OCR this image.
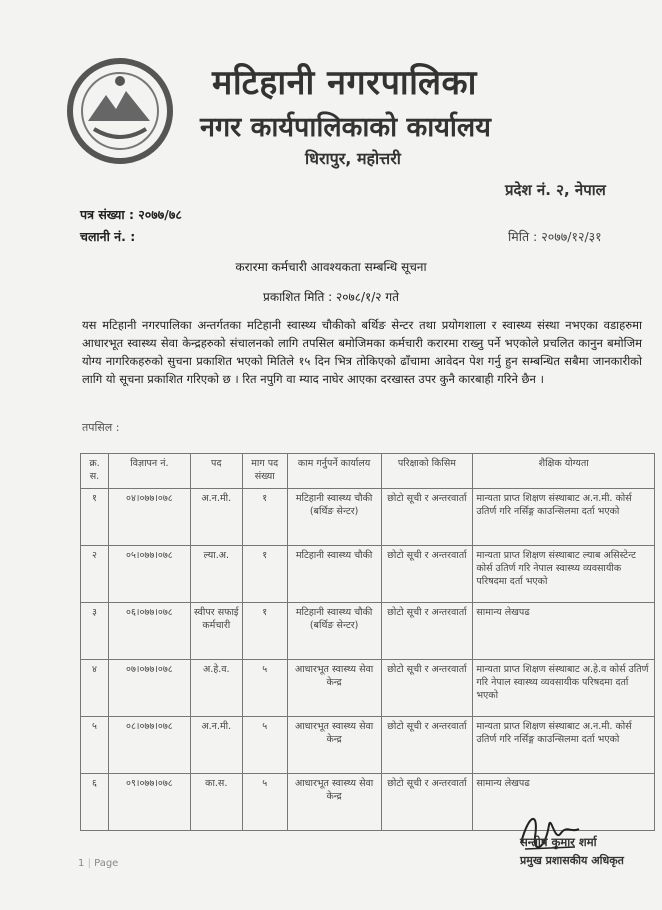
मटिहानी नगरपालिका
नगर कार्यपालिकाको कार्यालय
धिरापुर, महोत्तरी
प्रदेश नं. २, नेपाल
पत्र संख्या : २०७७/७८
चलानी नं. :	मिति : २०७७/१२/३१
करारमा कर्मचारी आवश्यकता सम्बन्धि सूचना
प्रकाशित मिति : २०७८/१/२ गते
यस मटिहानी नगरपालिका अन्तर्गतका मटिहानी स्वास्थ्य चौकीको बर्थिङ सेन्टर तथा प्रयोगशाला र स्वास्थ्य संस्था नभएका वडाहरुमा आधारभूत स्वास्थ्य सेवा केन्द्रहरुको संचालनको लागि तपसिल बमोजिमका कर्मचारी करारमा राख्नु पर्ने भएकोले प्रचलित कानुन बमोजिम योग्य नागरिकहरुको सुचना प्रकाशित भएको मितिले १५ दिन भित्र तोकिएको ढाँचामा आवेदन पेश गर्नु हुन सम्बन्धित सबैमा जानकारीको लागि यो सूचना प्रकाशित गरिएको छ । रित नपुगि वा म्याद नाघेर आएका दरखास्त उपर कुनै कारबाही गरिने छैन ।
तपसिल :
क्र. स.	विज्ञापन नं.	पद	माग पद संख्या	काम गर्नुपर्ने कार्यालय	परिक्षाको किसिम	शैक्षिक योग्यता
१	०४।०७७।०७८	अ.न.मी.	१	मटिहानी स्वास्थ्य चौकी (बर्थिङ सेन्टर)	छोटो सूची र अन्तरवार्ता	मान्यता प्राप्त शिक्षण संस्थाबाट अ.न.मी. कोर्स उतिर्ण गरि नर्सिङ्ग काउन्सिलमा दर्ता भएको
२	०५।०७७।०७८	ल्या.अ.	१	मटिहानी स्वास्थ्य चौकी	छोटो सूची र अन्तरवार्ता	मान्यता प्राप्त शिक्षण संस्थाबाट ल्याब असिस्टेन्ट कोर्स उतिर्ण गरि नेपाल स्वास्थ्य व्यवसायीक परिषदमा दर्ता भएको
३	०६।०७७।०७८	स्वीपर सफाई कर्मचारी	१	मटिहानी स्वास्थ्य चौकी (बर्थिङ सेन्टर)	छोटो सूची र अन्तरवार्ता	सामान्य लेखपढ
४	०७।०७७।०७८	अ.हे.व.	५	आधारभूत स्वास्थ्य सेवा केन्द्र	छोटो सूची र अन्तरवार्ता	मान्यता प्राप्त शिक्षण संस्थाबाट अ.हे.व कोर्स उतिर्ण गरि नेपाल स्वास्थ्य व्यवसायीक परिषदमा दर्ता भएको
५	०८।०७७।०७८	अ.न.मी.	५	आधारभूत स्वास्थ्य सेवा केन्द्र	छोटो सूची र अन्तरवार्ता	मान्यता प्राप्त शिक्षण संस्थाबाट अ.न.मी. कोर्स उतिर्ण गरि नर्सिङ्ग काउन्सिलमा दर्ता भएको
६	०९।०७७।०७८	का.स.	५	आधारभूत स्वास्थ्य सेवा केन्द्र	छोटो सूची र अन्तरवार्ता	सामान्य लेखपढ
1 | Page
सन्तोष कुमार शर्मा
प्रमुख प्रशासकीय अधिकृत
